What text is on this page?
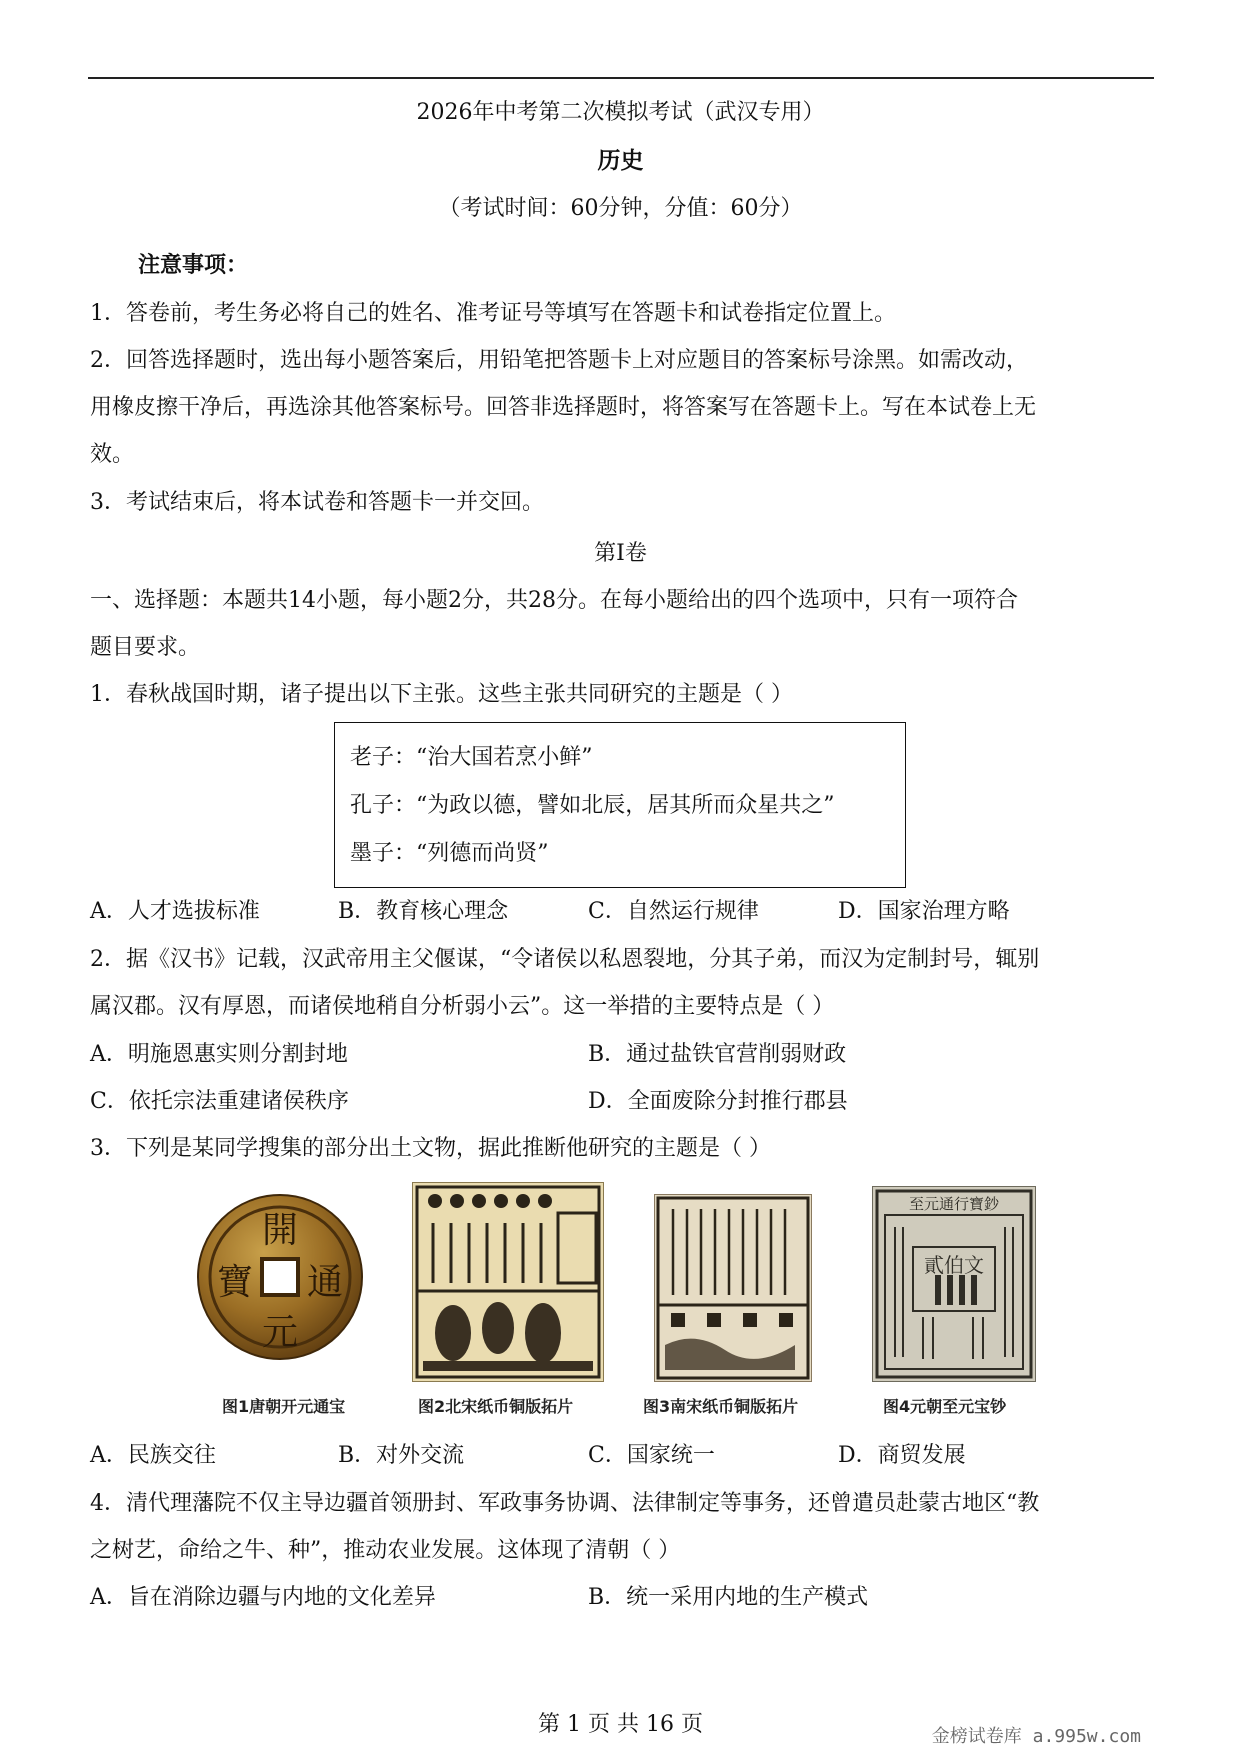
2026年中考第二次模拟考试（武汉专用）
历史
（考试时间：60分钟，分值：60分）
注意事项：
1．答卷前，考生务必将自己的姓名、准考证号等填写在答题卡和试卷指定位置上。
2．回答选择题时，选出每小题答案后，用铅笔把答题卡上对应题目的答案标号涂黑。如需改动，
用橡皮擦干净后，再选涂其他答案标号。回答非选择题时，将答案写在答题卡上。写在本试卷上无
效。
3．考试结束后，将本试卷和答题卡一并交回。
第Ⅰ卷
一、选择题：本题共14小题，每小题2分，共28分。在每小题给出的四个选项中，只有一项符合
题目要求。
1．春秋战国时期，诸子提出以下主张。这些主张共同研究的主题是（ ）
老子：“治大国若烹小鲜”
孔子：“为政以德，譬如北辰，居其所而众星共之”
墨子：“列德而尚贤”
A．人才选拔标准	B．教育核心理念	C．自然运行规律	D．国家治理方略
2．据《汉书》记载，汉武帝用主父偃谋，“令诸侯以私恩裂地，分其子弟，而汉为定制封号，辄别
属汉郡。汉有厚恩，而诸侯地稍自分析弱小云”。这一举措的主要特点是（ ）
A．明施恩惠实则分割封地	B．通过盐铁官营削弱财政
C．依托宗法重建诸侯秩序	D．全面废除分封推行郡县
3．下列是某同学搜集的部分出土文物，据此推断他研究的主题是（ ）
開
元
通
寶
图1唐朝开元通宝	图2北宋纸币铜版拓片	图3南宋纸币铜版拓片
至元通行寶鈔
貳伯文
图4元朝至元宝钞
A．民族交往	B．对外交流	C．国家统一	D．商贸发展
4．清代理藩院不仅主导边疆首领册封、军政事务协调、法律制定等事务，还曾遣员赴蒙古地区“教
之树艺，命给之牛、种”，推动农业发展。这体现了清朝（ ）
A．旨在消除边疆与内地的文化差异	B．统一采用内地的生产模式
第 1 页 共 16 页	金榜试卷库 a.995w.com
